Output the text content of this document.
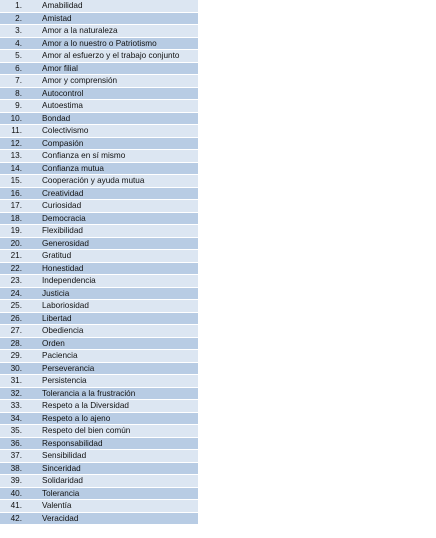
1.	Amabilidad
2.	Amistad
3.	Amor a la naturaleza
4.	Amor a lo nuestro o Patriotismo
5.	Amor al esfuerzo y el trabajo conjunto
6.	Amor filial
7.	Amor y comprensión
8.	Autocontrol
9.	Autoestima
10.	Bondad
11.	Colectivismo
12.	Compasión
13.	Confianza en sí mismo
14.	Confianza mutua
15.	Cooperación y ayuda mutua
16.	Creatividad
17.	Curiosidad
18.	Democracia
19.	Flexibilidad
20.	Generosidad
21.	Gratitud
22.	Honestidad
23.	Independencia
24.	Justicia
25.	Laboriosidad
26.	Libertad
27.	Obediencia
28.	Orden
29.	Paciencia
30.	Perseverancia
31.	Persistencia
32.	Tolerancia a la frustración
33.	Respeto a la Diversidad
34.	Respeto a lo ajeno
35.	Respeto del bien común
36.	Responsabilidad
37.	Sensibilidad
38.	Sinceridad
39.	Solidaridad
40.	Tolerancia
41.	Valentía
42.	Veracidad
